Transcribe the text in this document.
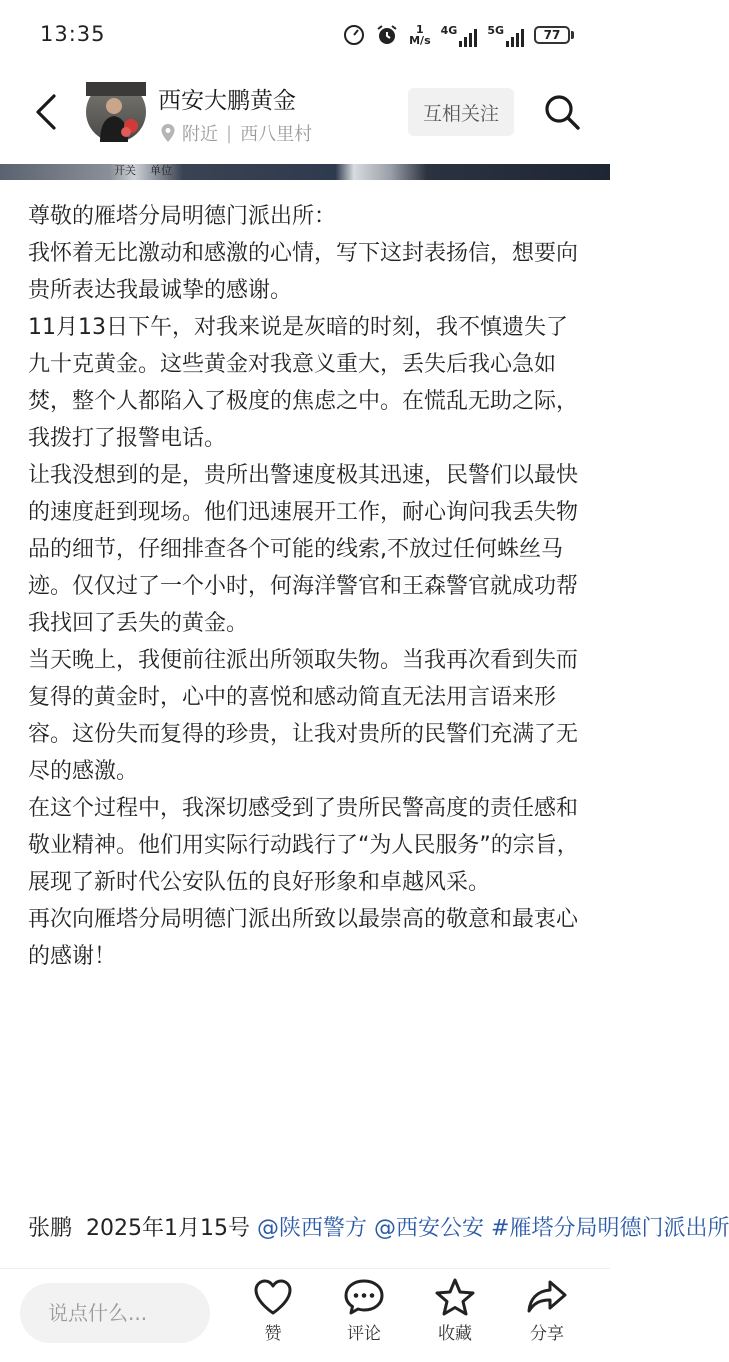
13:35	1
M/s
4G	5G	77
西安大鹏黄金
附近 | 西八里村
互相关注
开关 单位

尊敬的雁塔分局明德门派出所：

我怀着无比激动和感激的心情，写下这封表扬信，想要向贵所表达我最诚挚的感谢。

11月13日下午，对我来说是灰暗的时刻，我不慎遗失了九十克黄金。这些黄金对我意义重大，丢失后我心急如焚，整个人都陷入了极度的焦虑之中。在慌乱无助之际，我拨打了报警电话。

让我没想到的是，贵所出警速度极其迅速，民警们以最快的速度赶到现场。他们迅速展开工作，耐心询问我丢失物品的细节，仔细排查各个可能的线索,不放过任何蛛丝马迹。仅仅过了一个小时，何海洋警官和王森警官就成功帮我找回了丢失的黄金。

当天晚上，我便前往派出所领取失物。当我再次看到失而复得的黄金时，心中的喜悦和感动简直无法用言语来形容。这份失而复得的珍贵，让我对贵所的民警们充满了无尽的感激。

在这个过程中，我深切感受到了贵所民警高度的责任感和敬业精神。他们用实际行动践行了“为人民服务”的宗旨，展现了新时代公安队伍的良好形象和卓越风采。

再次向雁塔分局明德门派出所致以最崇高的敬意和最衷心的感谢！

张鹏 2025年1月15号 @陕西警方 @西安公安 #雁塔分局明德门派出所
说点什么...
赞	评论	收藏	分享
